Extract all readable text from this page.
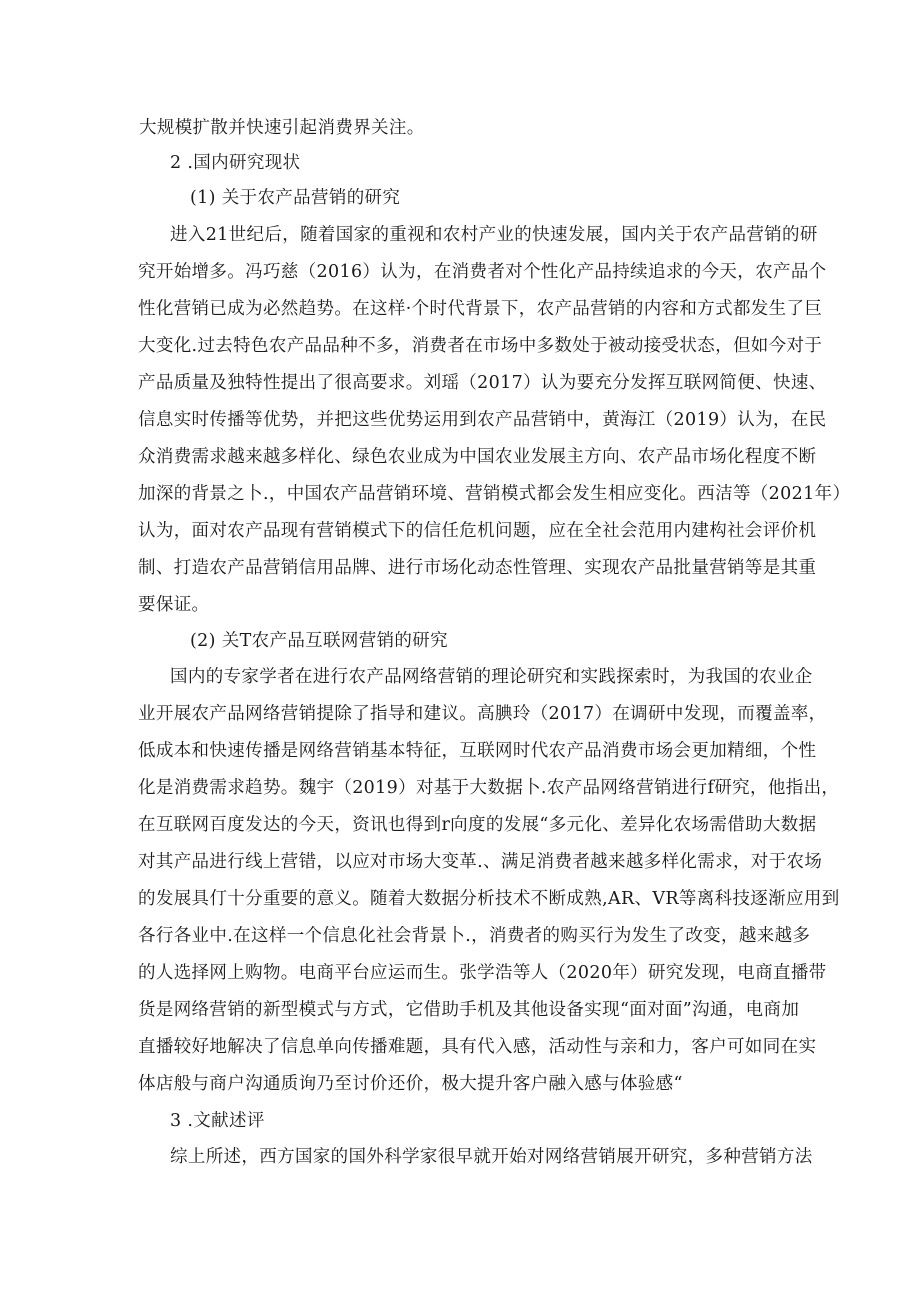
大规模扩散并快速引起消费界关注。
2 .国内研究现状
(1) 关于农产品营销的研究
进入21世纪后，随着国家的重视和农村产业的快速发展，国内关于农产品营销的研
究开始增多。冯巧慈（2016）认为，在消费者对个性化产品持续追求的今天，农产品个
性化营销已成为必然趋势。在这样·个时代背景下，农产品营销的内容和方式都发生了巨
大变化.过去特色农产品品种不多，消费者在市场中多数处于被动接受状态，但如今对于
产品质量及独特性提出了很高要求。刘瑶（2017）认为要充分发挥互联网简便、快速、
信息实时传播等优势，并把这些优势运用到农产品营销中，黄海江（2019）认为，在民
众消费需求越来越多样化、绿色农业成为中国农业发展主方向、农产品市场化程度不断
加深的背景之卜.，中国农产品营销环境、营销模式都会发生相应变化。西洁等（2021年）
认为，面对农产品现有营销模式下的信任危机问题，应在全社会范用内建构社会评价机
制、打造农产品营销信用品牌、进行市场化动态性管理、实现农产品批量营销等是其重
要保证。
(2) 关T农产品互联网营销的研究
国内的专家学者在进行农产品网络营销的理论研究和实践探索时，为我国的农业企
业开展农产品网络营销提除了指导和建议。高腆玲（2017）在调研中发现，而覆盖率，
低成本和快速传播是网络营销基本特征，互联网时代农产品消费市场会更加精细，个性
化是消费需求趋势。魏宇（2019）对基于大数据卜.农产品网络营销进行f研究，他指出，
在互联网百度发达的今天，资讯也得到r向度的发展“多元化、差异化农场需借助大数据
对其产品进行线上营错，以应对市场大变革.、满足消费者越来越多样化需求，对于农场
的发展具仃十分重要的意义。随着大数据分析技术不断成熟,AR、VR等离科技逐渐应用到
各行各业中.在这样一个信息化社会背景卜.，消费者的购买行为发生了改变，越来越多
的人选择网上购物。电商平台应运而生。张学浩等人（2020年）研究发现，电商直播带
货是网络营销的新型模式与方式，它借助手机及其他设备实现“面对面”沟通，电商加
直播较好地解决了信息单向传播难题，具有代入感，活动性与亲和力，客户可如同在实
体店般与商户沟通质询乃至讨价还价，极大提升客户融入感与体验感“
3 .文献述评
综上所述，西方国家的国外科学家很早就开始对网络营销展开研究，多种营销方法
